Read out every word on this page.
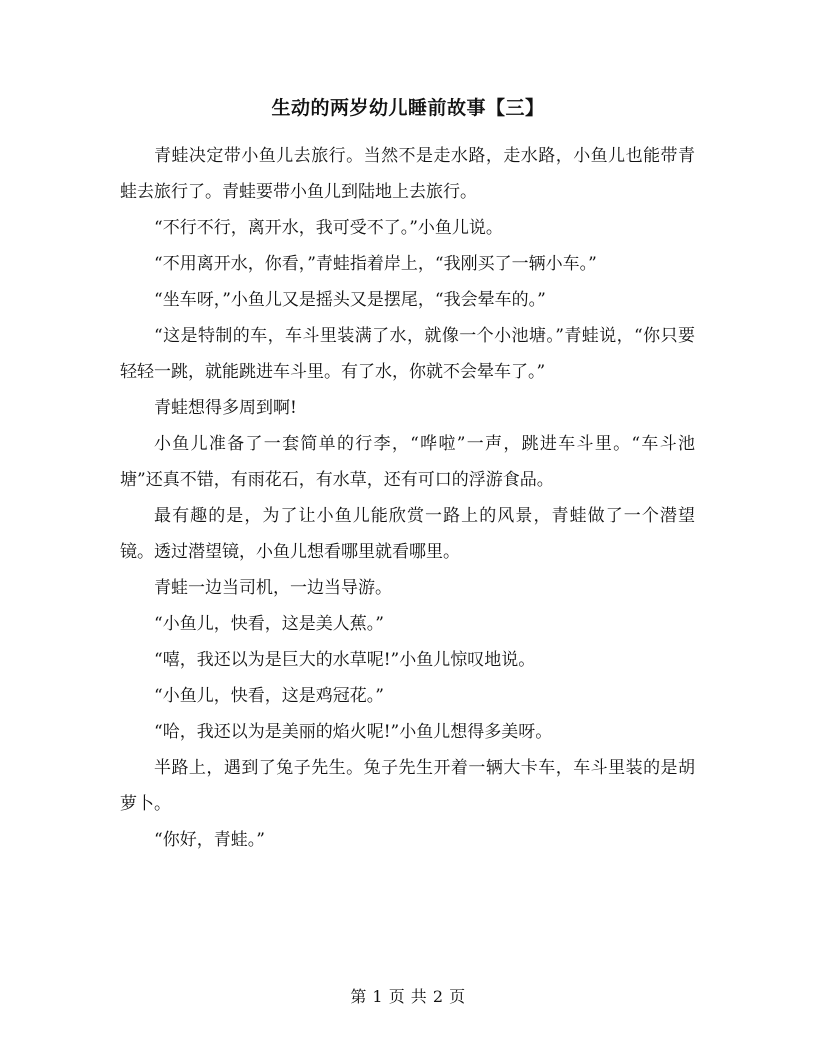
生动的两岁幼儿睡前故事【三】

青蛙决定带小鱼儿去旅行。当然不是走水路，走水路，小鱼儿也能带青蛙去旅行了。青蛙要带小鱼儿到陆地上去旅行。

“不行不行，离开水，我可受不了。”小鱼儿说。

“不用离开水，你看，”青蛙指着岸上，“我刚买了一辆小车。”

“坐车呀，”小鱼儿又是摇头又是摆尾，“我会晕车的。”

“这是特制的车，车斗里装满了水，就像一个小池塘。”青蛙说，“你只要轻轻一跳，就能跳进车斗里。有了水，你就不会晕车了。”

青蛙想得多周到啊!

小鱼儿准备了一套简单的行李，“哗啦”一声，跳进车斗里。“车斗池塘”还真不错，有雨花石，有水草，还有可口的浮游食品。

最有趣的是，为了让小鱼儿能欣赏一路上的风景，青蛙做了一个潜望镜。透过潜望镜，小鱼儿想看哪里就看哪里。

青蛙一边当司机，一边当导游。

“小鱼儿，快看，这是美人蕉。”

“嘻，我还以为是巨大的水草呢!”小鱼儿惊叹地说。

“小鱼儿，快看，这是鸡冠花。”

“哈，我还以为是美丽的焰火呢!”小鱼儿想得多美呀。

半路上，遇到了兔子先生。兔子先生开着一辆大卡车，车斗里装的是胡萝卜。

“你好，青蛙。”

第 1 页 共 2 页
